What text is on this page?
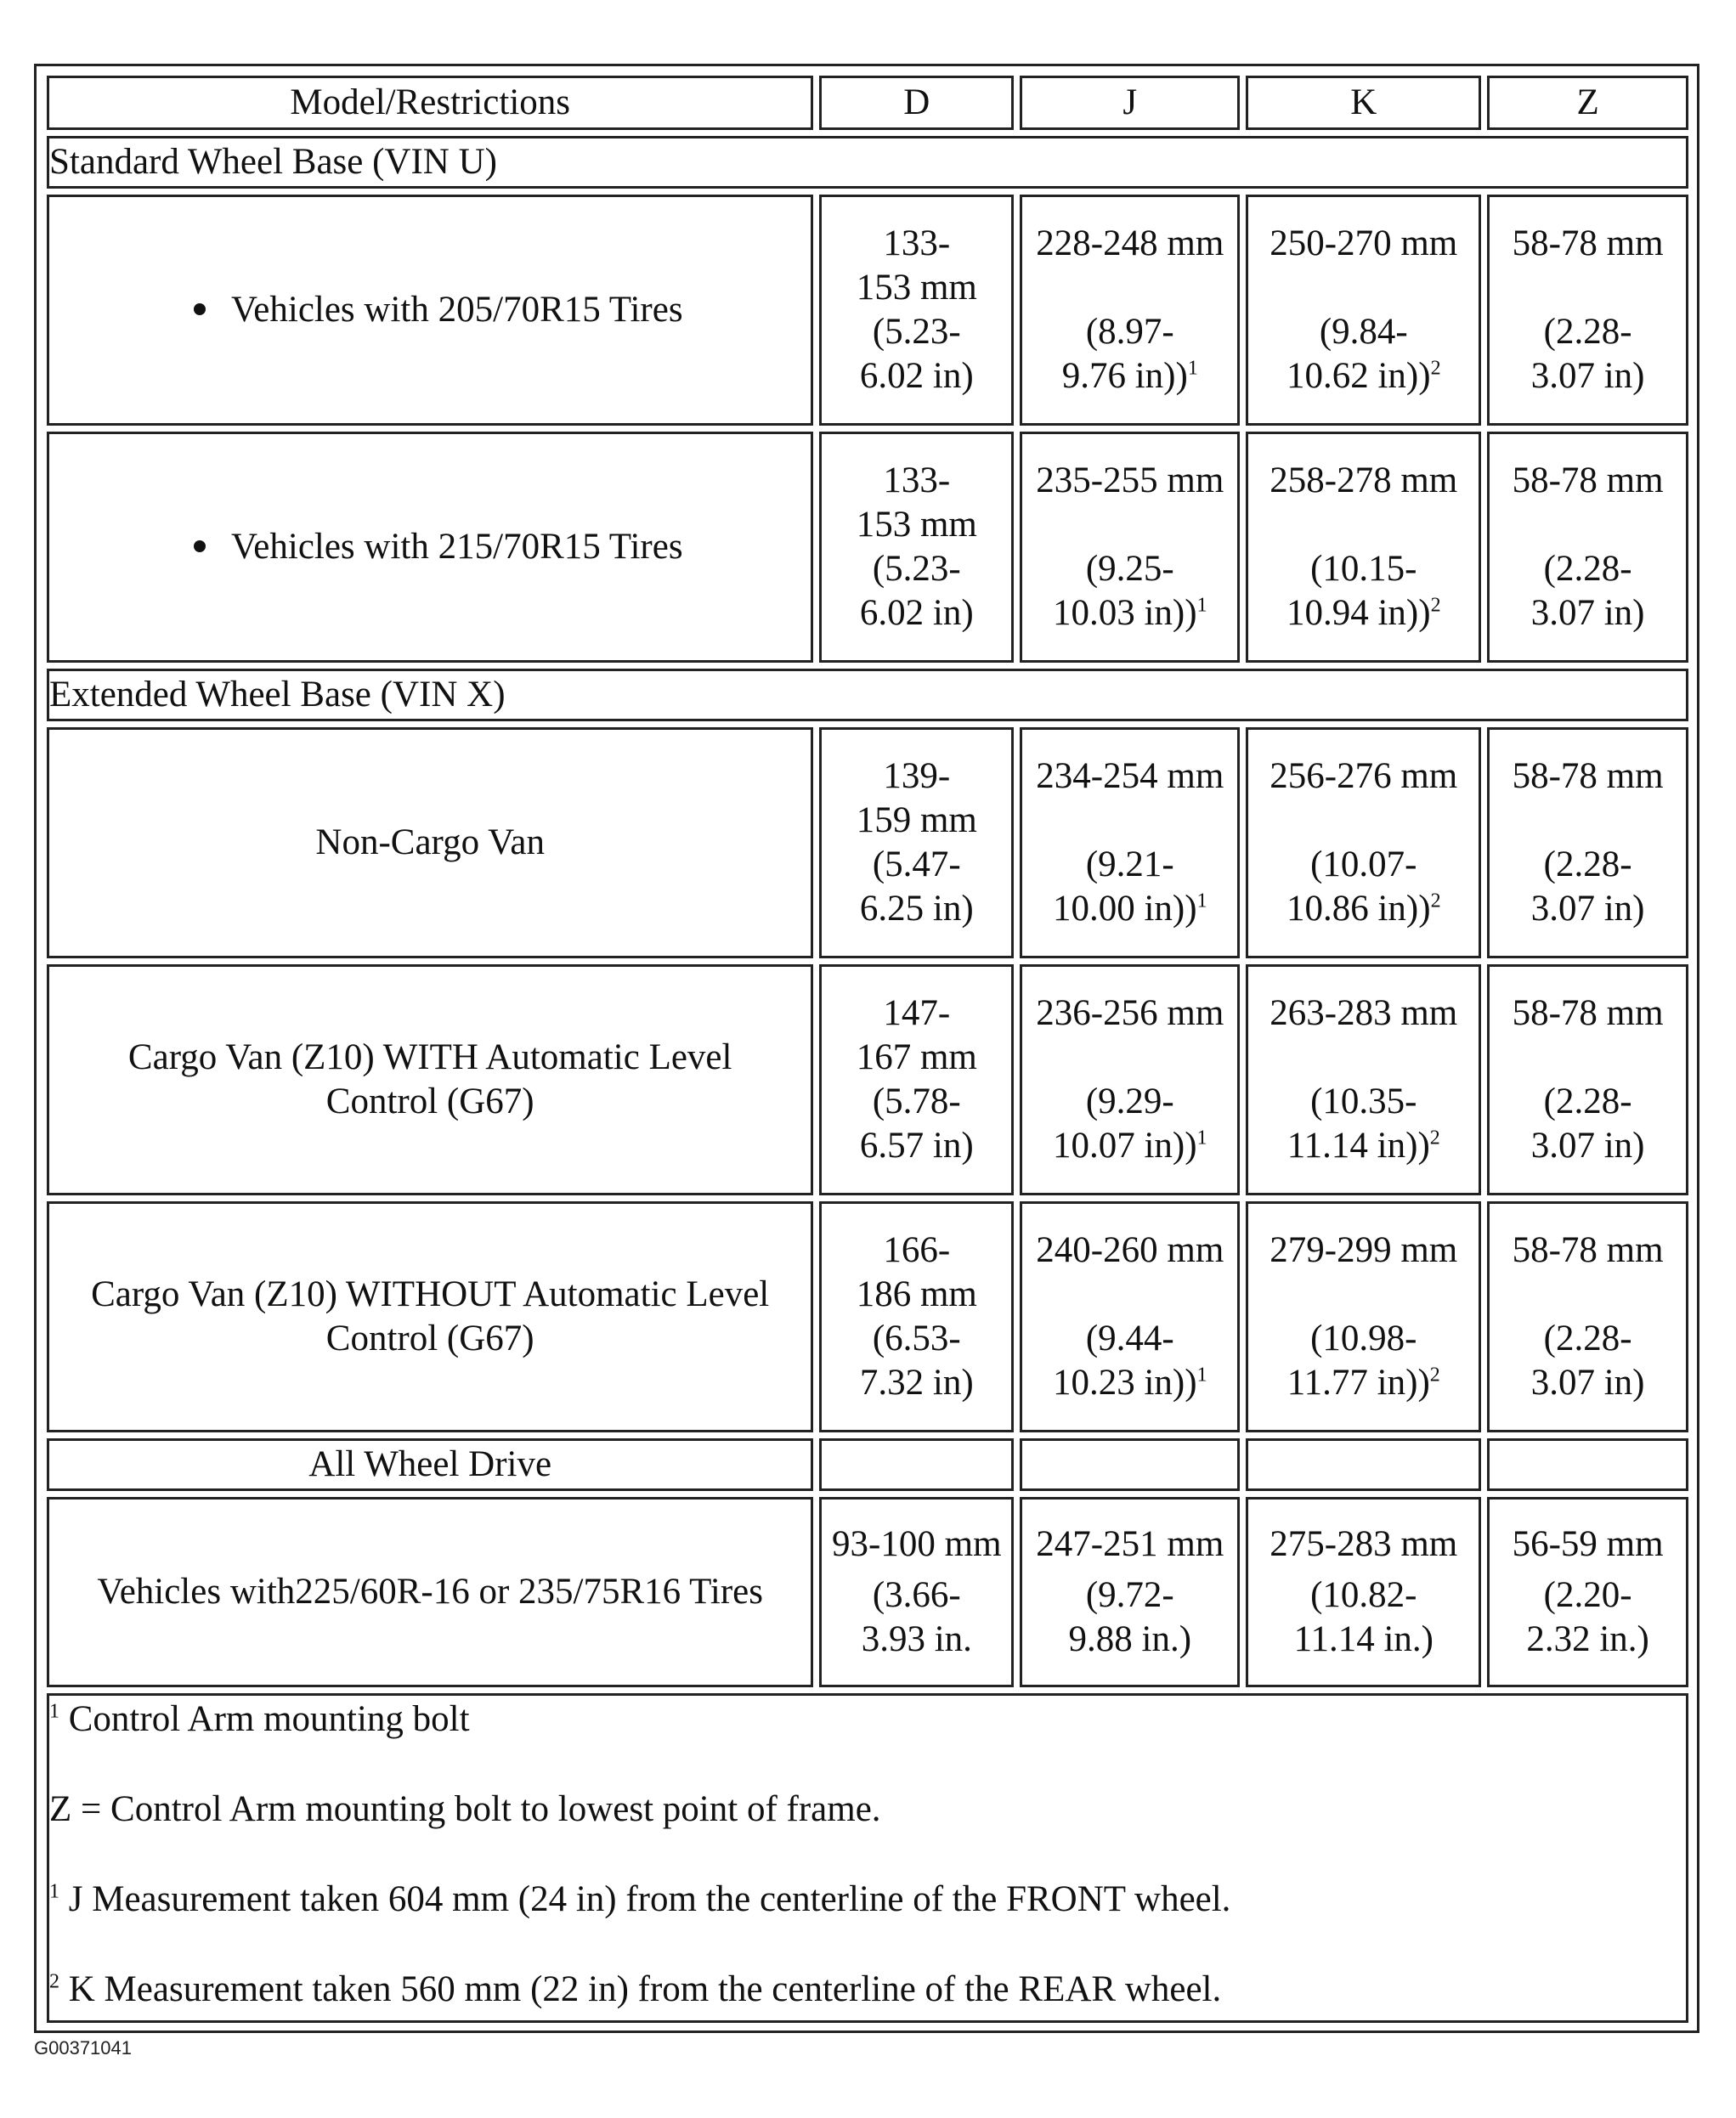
Model/Restrictions	D	J	K	Z
Standard Wheel Base (VIN U)				
Vehicles with 205/70R15 Tires	133-
153 mm
(5.23-
6.02 in)	228-248 mm
(8.97-
9.76 in))$^1$	250-270 mm
(9.84-
10.62 in))$^2$	58-78 mm
(2.28-
3.07 in)

Vehicles with 215/70R15 Tires	133-
153 mm
(5.23-
6.02 in)	235-255 mm
(9.25-
10.03 in))$^1$	258-278 mm
(10.15-
10.94 in))$^2$	58-78 mm
(2.28-
3.07 in)

Extended Wheel Base (VIN X)				
Non-Cargo Van	139-
159 mm
(5.47-
6.25 in)	234-254 mm
(9.21-
10.00 in))$^1$	256-276 mm
(10.07-
10.86 in))$^2$	58-78 mm
(2.28-
3.07 in)

Cargo Van (Z10) WITH Automatic Level
Control (G67)	147-
167 mm
(5.78-
6.57 in)	236-256 mm
(9.29-
10.07 in))$^1$	263-283 mm
(10.35-
11.14 in))$^2$	58-78 mm
(2.28-
3.07 in)

Cargo Van (Z10) WITHOUT Automatic Level
Control (G67)	166-
186 mm
(6.53-
7.32 in)	240-260 mm
(9.44-
10.23 in))$^1$	279-299 mm
(10.98-
11.77 in))$^2$	58-78 mm
(2.28-
3.07 in)

All Wheel Drive				
Vehicles with225/60R-16 or 235/75R16 Tires	93-100 mm
(3.66-
3.93 in.	247-251 mm
(9.72-
9.88 in.)	275-283 mm
(10.82-
11.14 in.)	56-59 mm
(2.20-
2.32 in.)

$^1$ Control Arm mounting bolt

Z = Control Arm mounting bolt to lowest point of frame.

$^1$ J Measurement taken 604 mm (24 in) from the centerline of the FRONT wheel.

$^2$ K Measurement taken 560 mm (22 in) from the centerline of the REAR wheel.				

G00371041
